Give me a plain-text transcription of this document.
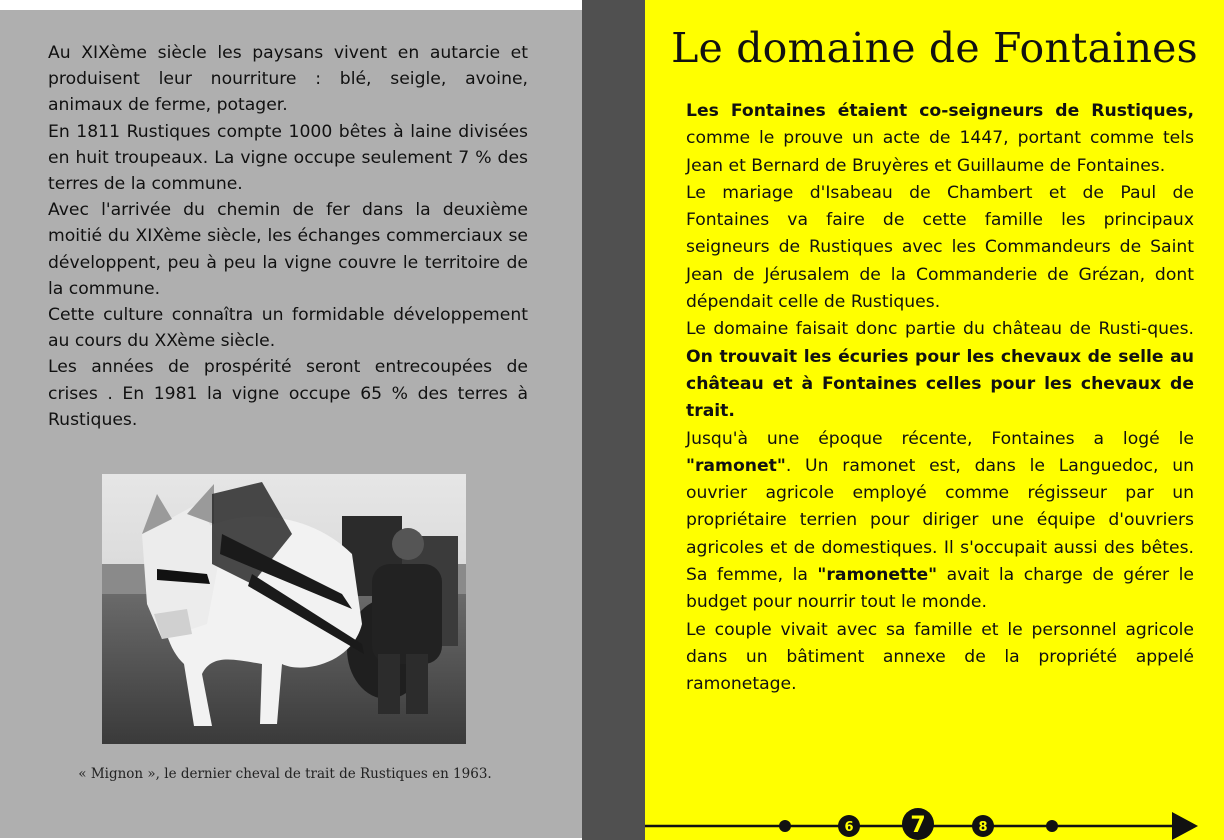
Au XIXème siècle les paysans vivent en autarcie et produisent leur nourriture : blé, seigle, avoine, animaux de ferme, potager.

En 1811 Rustiques compte 1000 bêtes à laine divisées en huit troupeaux. La vigne occupe seulement 7 % des terres de la commune.

Avec l'arrivée du chemin de fer dans la deuxième moitié du XIXème siècle, les échanges commerciaux se développent, peu à peu la vigne couvre le territoire de la commune.

Cette culture connaîtra un formidable développement au cours du XXème siècle.

Les années de prospérité seront entrecoupées de crises . En 1981 la vigne occupe 65 % des terres à Rustiques.

« Mignon », le dernier cheval de trait de Rustiques en 1963.
Le domaine de Fontaines

Les Fontaines étaient co-seigneurs de Rustiques, comme le prouve un acte de 1447, portant comme tels Jean et Bernard de Bruyères et Guillaume de Fontaines.

Le mariage d'Isabeau de Chambert et de Paul de Fontaines va faire de cette famille les principaux seigneurs de Rustiques avec les Commandeurs de Saint Jean de Jérusalem de la Commanderie de Grézan, dont dépendait celle de Rustiques.

Le domaine faisait donc partie du château de Rusti-ques. On trouvait les écuries pour les chevaux de selle au château et à Fontaines celles pour les chevaux de trait.

Jusqu'à une époque récente, Fontaines a logé le "ramonet". Un ramonet est, dans le Languedoc, un ouvrier agricole employé comme régisseur par un propriétaire terrien pour diriger une équipe d'ouvriers agricoles et de domestiques. Il s'occupait aussi des bêtes. Sa femme, la "ramonette" avait la charge de gérer le budget pour nourrir tout le monde.

Le couple vivait avec sa famille et le personnel agricole dans un bâtiment annexe de la propriété appelé ramonetage.

6	7	8
